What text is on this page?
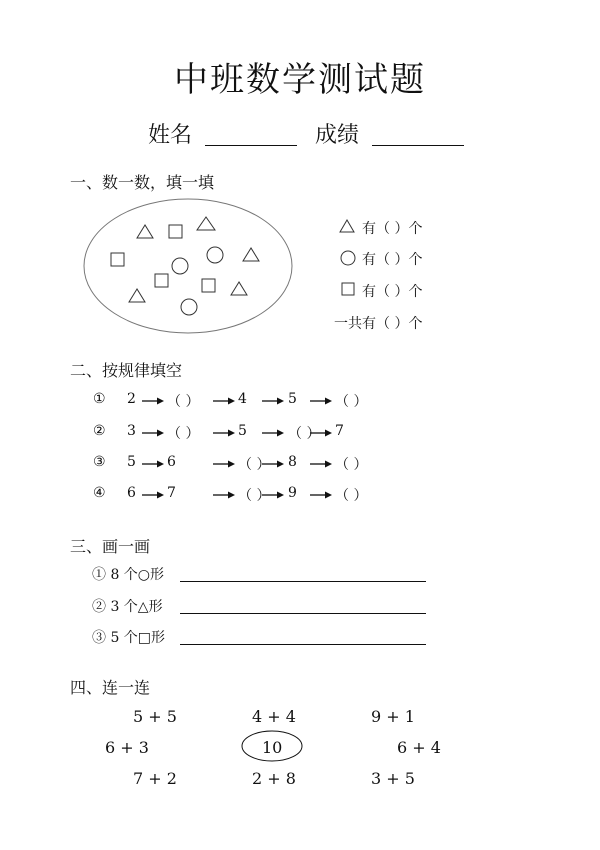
中班数学测试题
姓名	成绩
一、数一数，填一填
有（ ）个
有（ ）个
有（ ）个
一共有（ ）个
二、按规律填空
① 2 （ ）	4	5	（ ）
② 3 （ ）	5	（ ） 7
③ 5 6	（ ） 8	（ ）
④ 6 7	（ ） 9	（ ）
三、画一画
① 8 个○形
② 3 个△形
③ 5 个□形
四、连一连
5 + 5	4 + 4	9 + 1
6 + 3	10	6 + 4
7 + 2	2 + 8	3 + 5
